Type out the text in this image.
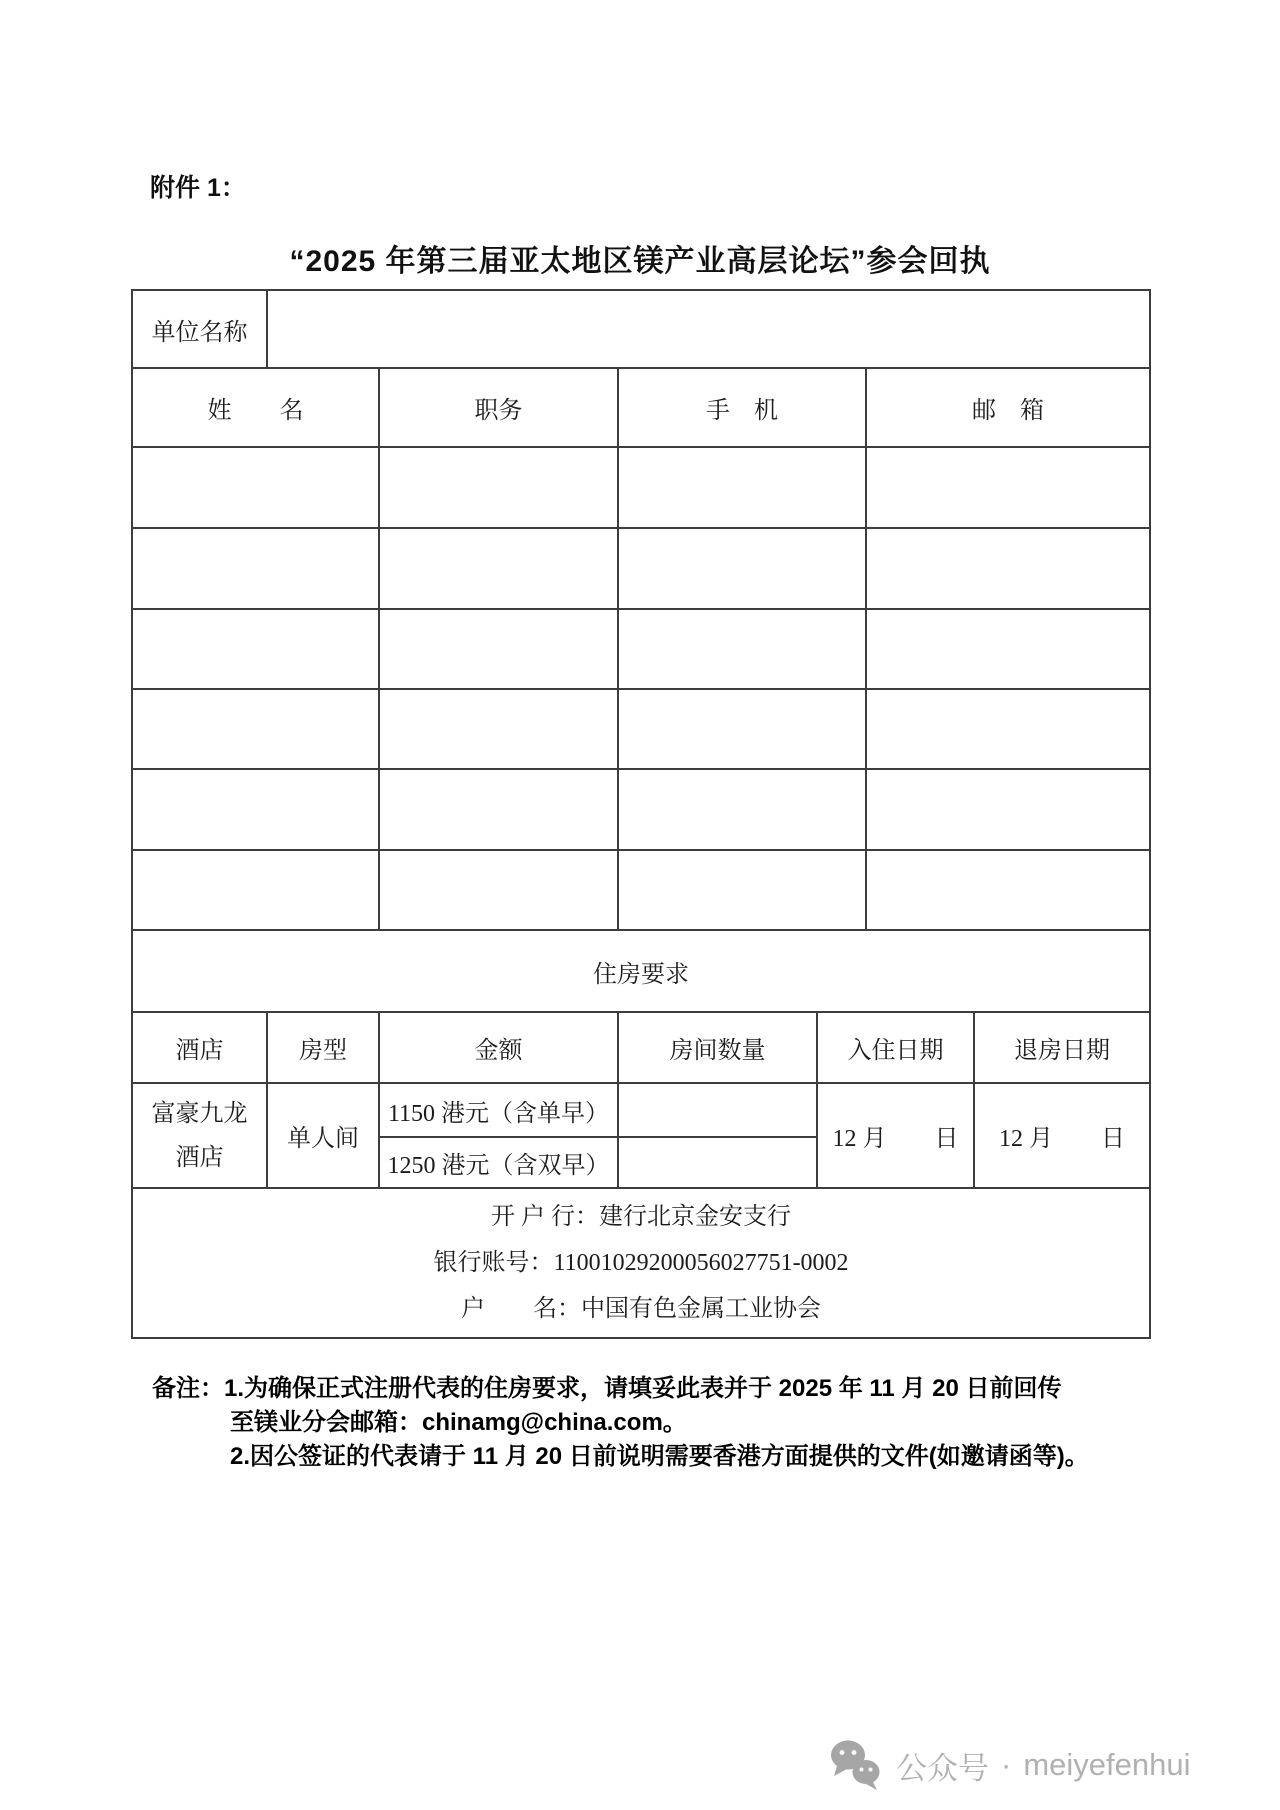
附件 1：
“2025 年第三届亚太地区镁产业高层论坛”参会回执
单位名称						
姓　　名		职务	手　机		邮　箱	

住房要求						
酒店	房型	金额	房间数量	入住日期		退房日期

富豪九龙
酒店	单人间	1150 港元（含单早）		12 月　　日		12 月　　日
		1250 港元（含双早）				

开 户 行：建行北京金安支行
银行账号：11001029200056027751-0002
户　　名：中国有色金属工业协会						
备注： 1.为确保正式注册代表的住房要求，请填妥此表并于 2025 年 11 月 20 日前回传
至镁业分会邮箱：chinamg@china.com。
2.因公签证的代表请于 11 月 20 日前说明需要香港方面提供的文件(如邀请函等)。
公众号 · meiyefenhui
